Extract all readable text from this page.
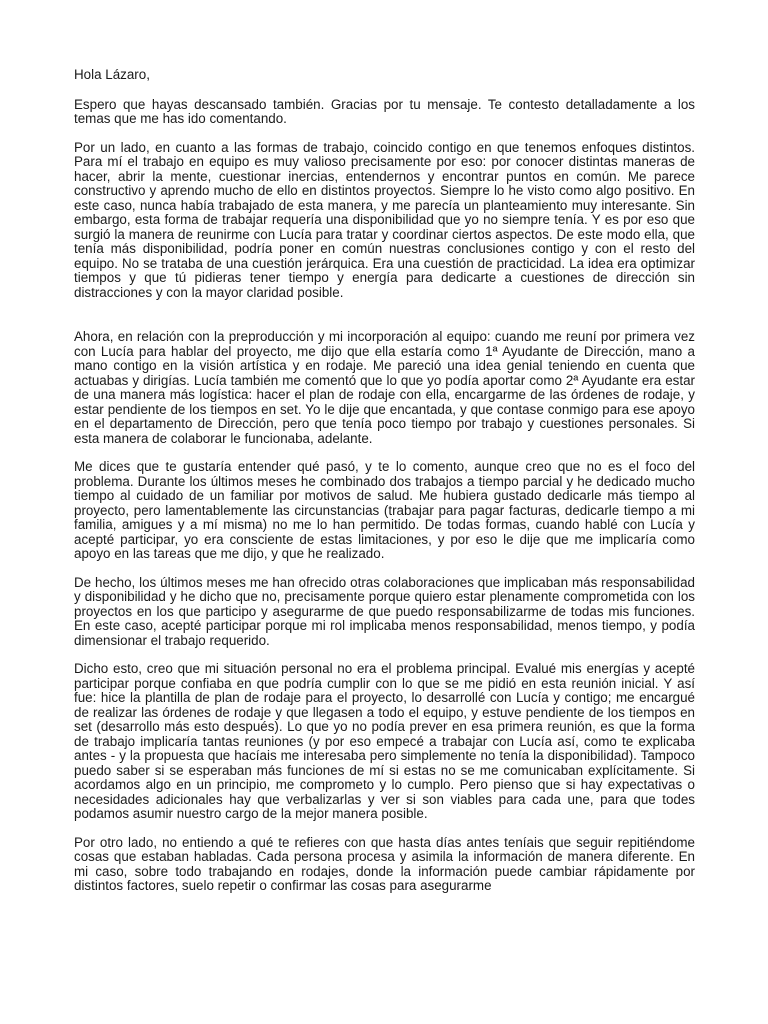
Hola Lázaro,

Espero que hayas descansado también. Gracias por tu mensaje. Te contesto detalladamente a los temas que me has ido comentando.

Por un lado, en cuanto a las formas de trabajo, coincido contigo en que tenemos enfoques distintos. Para mí el trabajo en equipo es muy valioso precisamente por eso: por conocer distintas maneras de hacer, abrir la mente, cuestionar inercias, entendernos y encontrar puntos en común. Me parece constructivo y aprendo mucho de ello en distintos proyectos. Siempre lo he visto como algo positivo. En este caso, nunca había trabajado de esta manera, y me parecía un planteamiento muy interesante. Sin embargo, esta forma de trabajar requería una disponibilidad que yo no siempre tenía. Y es por eso que surgió la manera de reunirme con Lucía para tratar y coordinar ciertos aspectos. De este modo ella, que tenía más disponibilidad, podría poner en común nuestras conclusiones contigo y con el resto del equipo. No se trataba de una cuestión jerárquica. Era una cuestión de practicidad. La idea era optimizar tiempos y que tú pidieras tener tiempo y energía para dedicarte a cuestiones de dirección sin distracciones y con la mayor claridad posible.

Ahora, en relación con la preproducción y mi incorporación al equipo: cuando me reuní por primera vez con Lucía para hablar del proyecto, me dijo que ella estaría como 1ª Ayudante de Dirección, mano a mano contigo en la visión artística y en rodaje. Me pareció una idea genial teniendo en cuenta que actuabas y dirigías. Lucía también me comentó que lo que yo podía aportar como 2ª Ayudante era estar de una manera más logística: hacer el plan de rodaje con ella, encargarme de las órdenes de rodaje, y estar pendiente de los tiempos en set. Yo le dije que encantada, y que contase conmigo para ese apoyo en el departamento de Dirección, pero que tenía poco tiempo por trabajo y cuestiones personales. Si esta manera de colaborar le funcionaba, adelante.

Me dices que te gustaría entender qué pasó, y te lo comento, aunque creo que no es el foco del problema. Durante los últimos meses he combinado dos trabajos a tiempo parcial y he dedicado mucho tiempo al cuidado de un familiar por motivos de salud. Me hubiera gustado dedicarle más tiempo al proyecto, pero lamentablemente las circunstancias (trabajar para pagar facturas, dedicarle tiempo a mi familia, amigues y a mí misma) no me lo han permitido. De todas formas, cuando hablé con Lucía y acepté participar, yo era consciente de estas limitaciones, y por eso le dije que me implicaría como apoyo en las tareas que me dijo, y que he realizado.

De hecho, los últimos meses me han ofrecido otras colaboraciones que implicaban más responsabilidad y disponibilidad y he dicho que no, precisamente porque quiero estar plenamente comprometida con los proyectos en los que participo y asegurarme de que puedo responsabilizarme de todas mis funciones. En este caso, acepté participar porque mi rol implicaba menos responsabilidad, menos tiempo, y podía dimensionar el trabajo requerido.

Dicho esto, creo que mi situación personal no era el problema principal. Evalué mis energías y acepté participar porque confiaba en que podría cumplir con lo que se me pidió en esta reunión inicial. Y así fue: hice la plantilla de plan de rodaje para el proyecto, lo desarrollé con Lucía y contigo; me encargué de realizar las órdenes de rodaje y que llegasen a todo el equipo, y estuve pendiente de los tiempos en set (desarrollo más esto después). Lo que yo no podía prever en esa primera reunión, es que la forma de trabajo implicaría tantas reuniones (y por eso empecé a trabajar con Lucía así, como te explicaba antes - y la propuesta que hacíais me interesaba pero simplemente no tenía la disponibilidad). Tampoco puedo saber si se esperaban más funciones de mí si estas no se me comunicaban explícitamente. Si acordamos algo en un principio, me comprometo y lo cumplo. Pero pienso que si hay expectativas o necesidades adicionales hay que verbalizarlas y ver si son viables para cada une, para que todes podamos asumir nuestro cargo de la mejor manera posible.

Por otro lado, no entiendo a qué te refieres con que hasta días antes teníais que seguir repitiéndome cosas que estaban habladas. Cada persona procesa y asimila la información de manera diferente. En mi caso, sobre todo trabajando en rodajes, donde la información puede cambiar rápidamente por distintos factores, suelo repetir o confirmar las cosas para asegurarme
